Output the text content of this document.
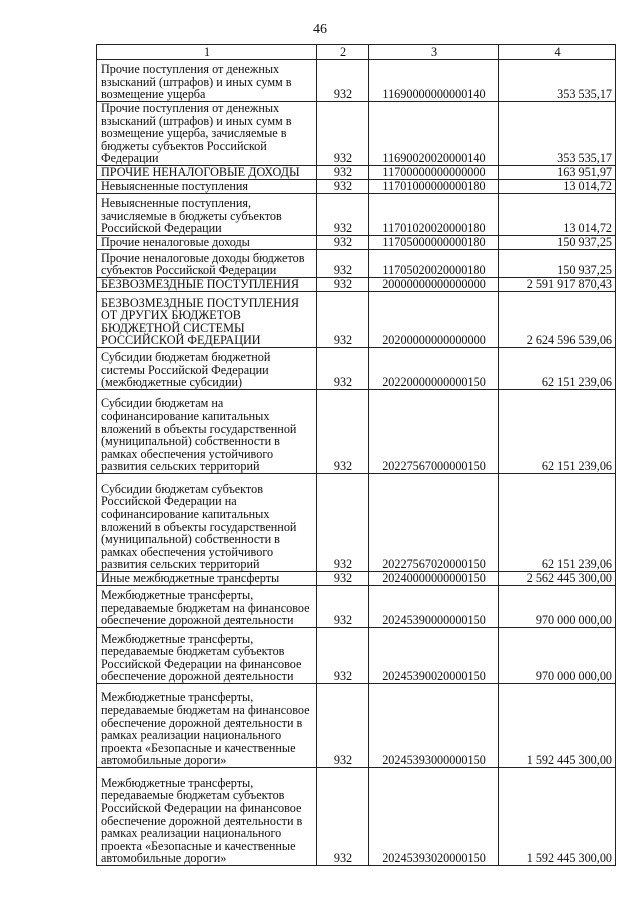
46
1	2	3	4
Прочие поступления от денежных взысканий (штрафов) и иных сумм в возмещение ущерба	932	11690000000000140	353 535,17
Прочие поступления от денежных взысканий (штрафов) и иных сумм в возмещение ущерба, зачисляемые в бюджеты субъектов Российской Федерации	932	11690020020000140	353 535,17
ПРОЧИЕ НЕНАЛОГОВЫЕ ДОХОДЫ	932	11700000000000000	163 951,97
Невыясненные поступления	932	11701000000000180	13 014,72
Невыясненные поступления, зачисляемые в бюджеты субъектов Российской Федерации	932	11701020020000180	13 014,72
Прочие неналоговые доходы	932	11705000000000180	150 937,25
Прочие неналоговые доходы бюджетов субъектов Российской Федерации	932	11705020020000180	150 937,25
БЕЗВОЗМЕЗДНЫЕ ПОСТУПЛЕНИЯ	932	20000000000000000	2 591 917 870,43
БЕЗВОЗМЕЗДНЫЕ ПОСТУПЛЕНИЯ ОТ ДРУГИХ БЮДЖЕТОВ БЮДЖЕТНОЙ СИСТЕМЫ РОССИЙСКОЙ ФЕДЕРАЦИИ	932	20200000000000000	2 624 596 539,06
Субсидии бюджетам бюджетной системы Российской Федерации (межбюджетные субсидии)	932	20220000000000150	62 151 239,06
Субсидии бюджетам на софинансирование капитальных вложений в объекты государственной (муниципальной) собственности в рамках обеспечения устойчивого развития сельских территорий	932	20227567000000150	62 151 239,06
Субсидии бюджетам субъектов Российской Федерации на софинансирование капитальных вложений в объекты государственной (муниципальной) собственности в рамках обеспечения устойчивого развития сельских территорий	932	20227567020000150	62 151 239,06
Иные межбюджетные трансферты	932	20240000000000150	2 562 445 300,00
Межбюджетные трансферты, передаваемые бюджетам на финансовое обеспечение дорожной деятельности	932	20245390000000150	970 000 000,00
Межбюджетные трансферты, передаваемые бюджетам субъектов Российской Федерации на финансовое обеспечение дорожной деятельности	932	20245390020000150	970 000 000,00
Межбюджетные трансферты, передаваемые бюджетам на финансовое обеспечение дорожной деятельности в рамках реализации национального проекта «Безопасные и качественные автомобильные дороги»	932	20245393000000150	1 592 445 300,00
Межбюджетные трансферты, передаваемые бюджетам субъектов Российской Федерации на финансовое обеспечение дорожной деятельности в рамках реализации национального проекта «Безопасные и качественные автомобильные дороги»	932	20245393020000150	1 592 445 300,00
